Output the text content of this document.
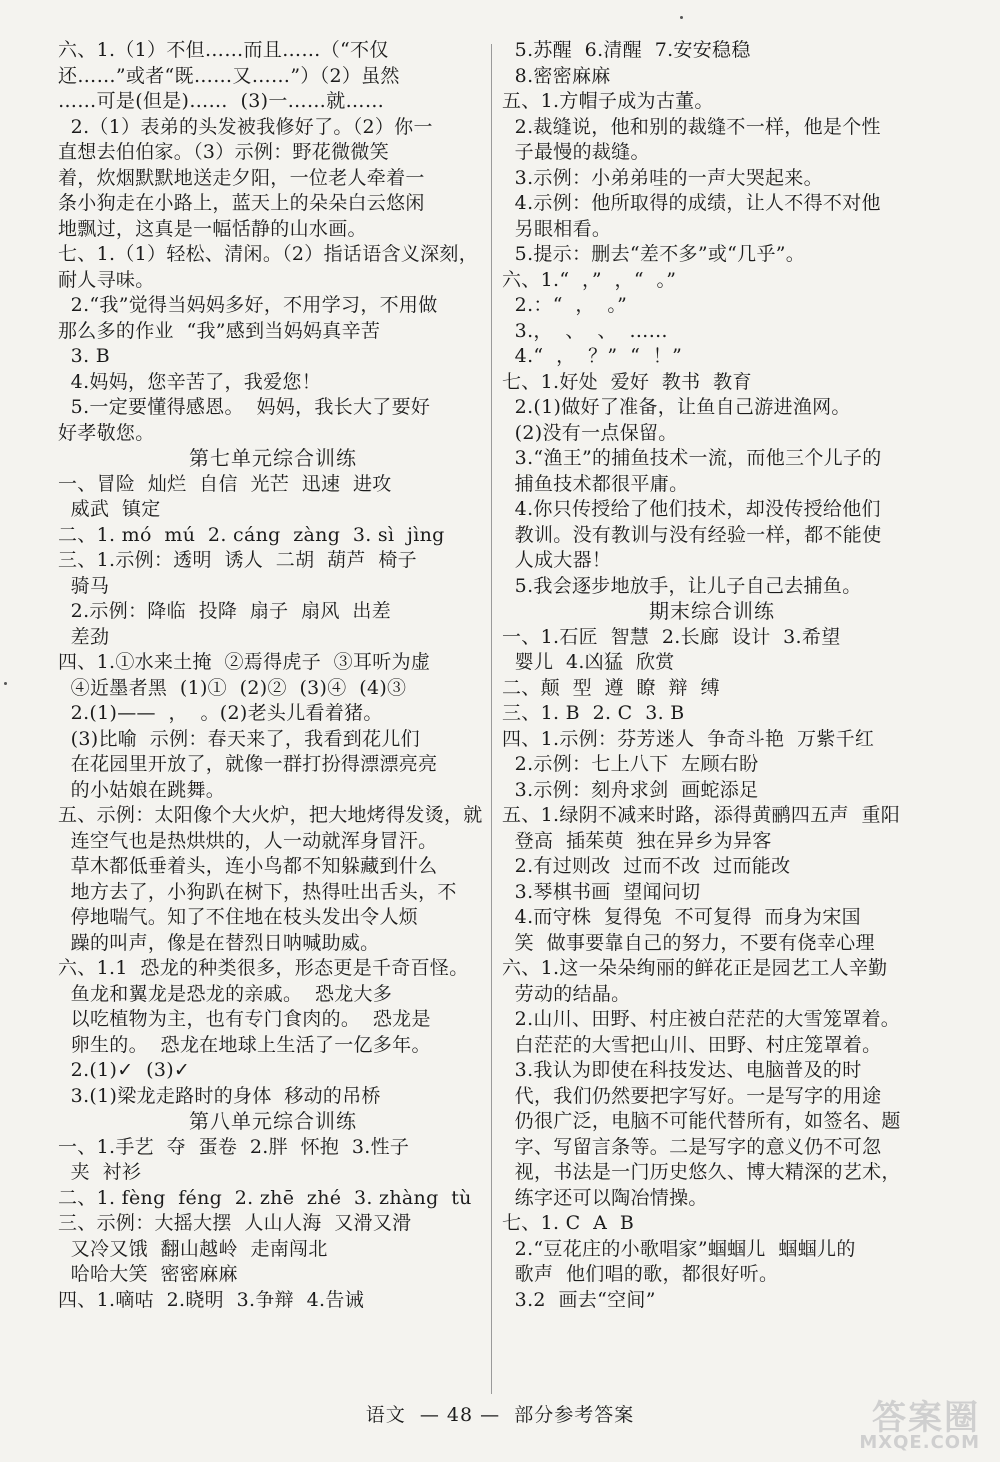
六、1.（1）不但……而且……（“不仅
还……”或者“既……又……”）（2）虽然
……可是(但是)……  (3)一……就……
2.（1）表弟的头发被我修好了。（2）你一
直想去伯伯家。（3）示例：野花微微笑
着，炊烟默默地送走夕阳，一位老人牵着一
条小狗走在小路上，蓝天上的朵朵白云悠闲
地飘过，这真是一幅恬静的山水画。
七、1.（1）轻松、清闲。（2）指话语含义深刻，
耐人寻味。
2.“我”觉得当妈妈多好，不用学习，不用做
那么多的作业  “我”感到当妈妈真辛苦
3. B
4.妈妈，您辛苦了，我爱您！
5.一定要懂得感恩。  妈妈，我长大了要好
好孝敬您。
第七单元综合训练
一、冒险  灿烂  自信  光芒  迅速  进攻
威武  镇定
二、1. mó  mú  2. cáng  zàng  3. sì  jìng
三、1.示例：透明  诱人  二胡  葫芦  椅子
骑马
2.示例：降临  投降  扇子  扇风  出差
差劲
四、1.①水来土掩  ②焉得虎子  ③耳听为虚
④近墨者黑  (1)①  (2)②  (3)④  (4)③
2.(1)——  ，  。(2)老头儿看着猪。
(3)比喻  示例：春天来了，我看到花儿们
在花园里开放了，就像一群打扮得漂漂亮亮
的小姑娘在跳舞。
五、示例：太阳像个大火炉，把大地烤得发烫，就
连空气也是热烘烘的，人一动就浑身冒汗。
草木都低垂着头，连小鸟都不知躲藏到什么
地方去了，小狗趴在树下，热得吐出舌头，不
停地喘气。知了不住地在枝头发出令人烦
躁的叫声，像是在替烈日呐喊助威。
六、1.1  恐龙的种类很多，形态更是千奇百怪。
鱼龙和翼龙是恐龙的亲戚。  恐龙大多
以吃植物为主，也有专门食肉的。  恐龙是
卵生的。  恐龙在地球上生活了一亿多年。
2.(1)✓  (3)✓
3.(1)梁龙走路时的身体  移动的吊桥
第八单元综合训练
一、1.手艺  夺  蛋卷  2.胖  怀抱  3.性子
夹  衬衫
二、1. fèng  féng  2. zhē  zhé  3. zhàng  tù
三、示例：大摇大摆  人山人海  又滑又滑
又冷又饿  翻山越岭  走南闯北
哈哈大笑  密密麻麻
四、1.嘀咕  2.晓明  3.争辩  4.告诫
5.苏醒  6.清醒  7.安安稳稳
8.密密麻麻
五、1.方帽子成为古董。
2.裁缝说，他和别的裁缝不一样，他是个性
子最慢的裁缝。
3.示例：小弟弟哇的一声大哭起来。
4.示例：他所取得的成绩，让人不得不对他
另眼相看。
5.提示：删去“差不多”或“几乎”。
六、1.“  ，”  ，“  。”
2.：“  ，  。”
3.，  、  、  ……
4.“  ，  ？”  “  ！”
七、1.好处  爱好  教书  教育
2.(1)做好了准备，让鱼自己游进渔网。
(2)没有一点保留。
3.“渔王”的捕鱼技术一流，而他三个儿子的
捕鱼技术都很平庸。
4.你只传授给了他们技术，却没传授给他们
教训。没有教训与没有经验一样，都不能使
人成大器！
5.我会逐步地放手，让儿子自己去捕鱼。
期末综合训练
一、1.石匠  智慧  2.长廊  设计  3.希望
婴儿  4.凶猛  欣赏
二、颠  型  遵  瞭  辩  缚
三、1. B  2. C  3. B
四、1.示例：芬芳迷人  争奇斗艳  万紫千红
2.示例：七上八下  左顾右盼
3.示例：刻舟求剑  画蛇添足
五、1.绿阴不减来时路，添得黄鹂四五声  重阳
登高  插茱萸  独在异乡为异客
2.有过则改  过而不改  过而能改
3.琴棋书画  望闻问切
4.而守株  复得兔  不可复得  而身为宋国
笑  做事要靠自己的努力，不要有侥幸心理
六、1.这一朵朵绚丽的鲜花正是园艺工人辛勤
劳动的结晶。
2.山川、田野、村庄被白茫茫的大雪笼罩着。
白茫茫的大雪把山川、田野、村庄笼罩着。
3.我认为即使在科技发达、电脑普及的时
代，我们仍然要把字写好。一是写字的用途
仍很广泛，电脑不可能代替所有，如签名、题
字、写留言条等。二是写字的意义仍不可忽
视，书法是一门历史悠久、博大精深的艺术，
练字还可以陶冶情操。
七、1. C  A  B
2.“豆花庄的小歌唱家”蝈蝈儿  蝈蝈儿的
歌声  他们唱的歌，都很好听。
3.2  画去“空间”
语文  — 48 —  部分参考答案	答案圈
MXQE.COM
